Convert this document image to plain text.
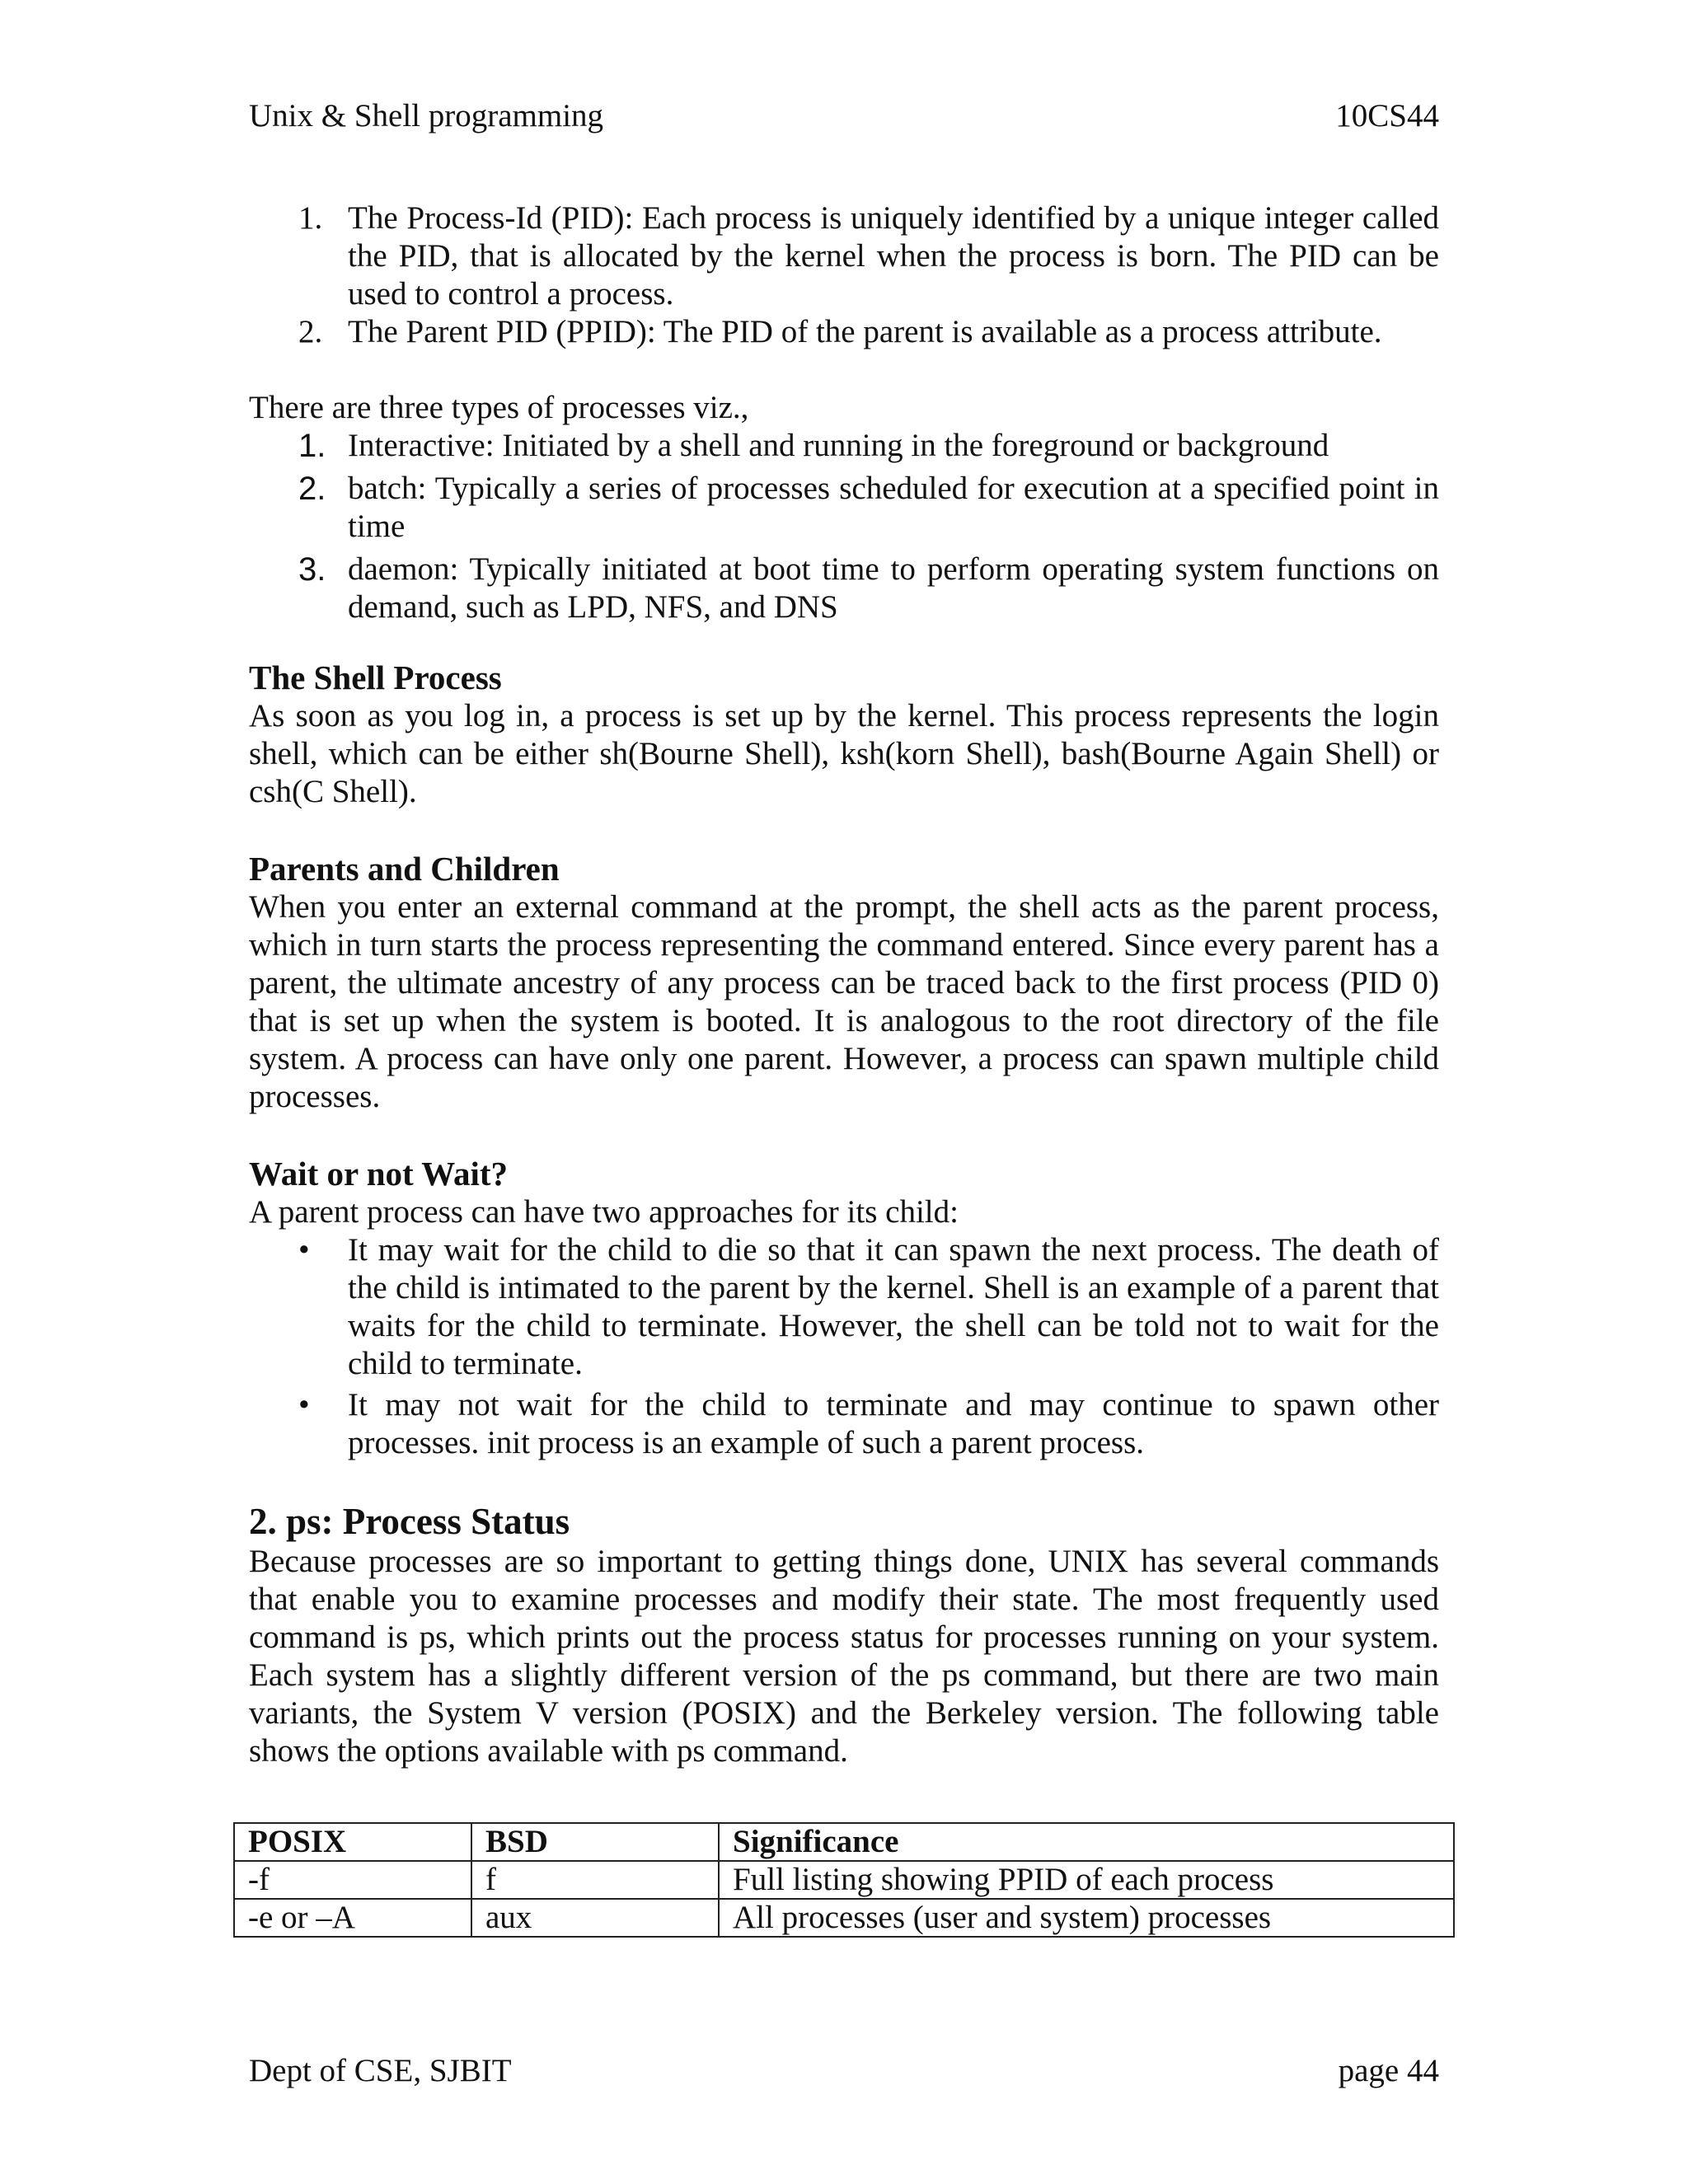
Unix & Shell programming	10CS44
1. The Process-Id (PID): Each process is uniquely identified by a unique integer called the PID, that is allocated by the kernel when the process is born. The PID can be used to control a process.
2. The Parent PID (PPID): The PID of the parent is available as a process attribute.

There are three types of processes viz.,

1. Interactive: Initiated by a shell and running in the foreground or background
2. batch: Typically a series of processes scheduled for execution at a specified point in time
3. daemon: Typically initiated at boot time to perform operating system functions on demand, such as LPD, NFS, and DNS
The Shell Process

As soon as you log in, a process is set up by the kernel. This process represents the login shell, which can be either sh(Bourne Shell), ksh(korn Shell), bash(Bourne Again Shell) or csh(C Shell).

Parents and Children

When you enter an external command at the prompt, the shell acts as the parent process, which in turn starts the process representing the command entered. Since every parent has a parent, the ultimate ancestry of any process can be traced back to the first process (PID 0) that is set up when the system is booted. It is analogous to the root directory of the file system. A process can have only one parent. However, a process can spawn multiple child processes.

Wait or not Wait?

A parent process can have two approaches for its child:

• It may wait for the child to die so that it can spawn the next process. The death of the child is intimated to the parent by the kernel. Shell is an example of a parent that waits for the child to terminate. However, the shell can be told not to wait for the child to terminate.
• It may not wait for the child to terminate and may continue to spawn other processes. init process is an example of such a parent process.
2. ps: Process Status

Because processes are so important to getting things done, UNIX has several commands that enable you to examine processes and modify their state. The most frequently used command is ps, which prints out the process status for processes running on your system. Each system has a slightly different version of the ps command, but there are two main variants, the System V version (POSIX) and the Berkeley version. The following table shows the options available with ps command.

POSIX	BSD	Significance
-f	f	Full listing showing PPID of each process
-e or –A	aux	All processes (user and system) processes
Dept of CSE, SJBIT	page 44
